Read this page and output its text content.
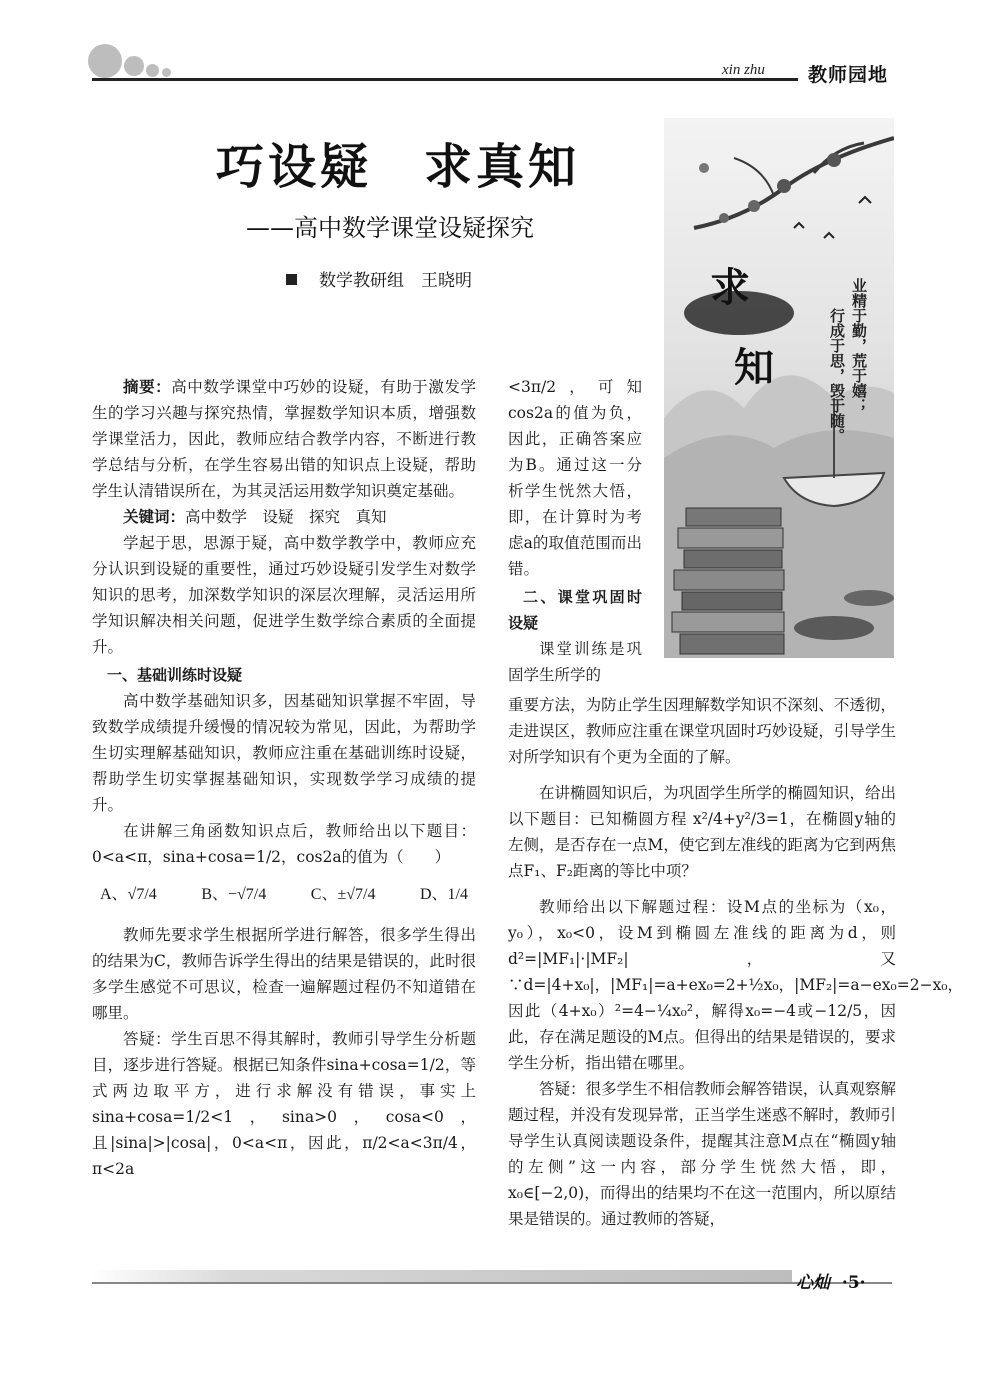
xin zhu 教师园地
巧设疑　求真知
——高中数学课堂设疑探究
数学教研组　王晓明	求
知	业精于勤，荒于嬉；
行成于思，毁于随。

摘要：高中数学课堂中巧妙的设疑，有助于激发学生的学习兴趣与探究热情，掌握数学知识本质，增强数学课堂活力，因此，教师应结合教学内容，不断进行教学总结与分析，在学生容易出错的知识点上设疑，帮助学生认清错误所在，为其灵活运用数学知识奠定基础。

关键词：高中数学　设疑　探究　真知

学起于思，思源于疑，高中数学教学中，教师应充分认识到设疑的重要性，通过巧妙设疑引发学生对数学知识的思考，加深数学知识的深层次理解，灵活运用所学知识解决相关问题，促进学生数学综合素质的全面提升。

一、基础训练时设疑

高中数学基础知识多，因基础知识掌握不牢固，导致数学成绩提升缓慢的情况较为常见，因此，为帮助学生切实理解基础知识，教师应注重在基础训练时设疑，帮助学生切实掌握基础知识，实现数学学习成绩的提升。

在讲解三角函数知识点后，教师给出以下题目：0<a<π，sina+cosa=1/2，cos2a的值为（　　）

A、√7/4	B、−√7/4	C、±√7/4	D、1/4

教师先要求学生根据所学进行解答，很多学生得出的结果为C，教师告诉学生得出的结果是错误的，此时很多学生感觉不可思议，检查一遍解题过程仍不知道错在哪里。

答疑：学生百思不得其解时，教师引导学生分析题目，逐步进行答疑。根据已知条件sina+cosa=1/2，等式两边取平方，进行求解没有错误，事实上sina+cosa=1/2<1，sina>0，cosa<0，且|sina|>|cosa|，0<a<π，因此，π/2<a<3π/4，π<2a

<3π/2，可知cos2a的值为负，因此，正确答案应为B。通过这一分析学生恍然大悟，即，在计算时为考虑a的取值范围而出错。

二、课堂巩固时设疑

课堂训练是巩固学生所学的

重要方法，为防止学生因理解数学知识不深刻、不透彻，走进误区，教师应注重在课堂巩固时巧妙设疑，引导学生对所学知识有个更为全面的了解。

在讲椭圆知识后，为巩固学生所学的椭圆知识，给出以下题目：已知椭圆方程 x²/4+y²/3=1，在椭圆y轴的左侧，是否存在一点M，使它到左准线的距离为它到两焦点F₁、F₂距离的等比中项？

教师给出以下解题过程：设M点的坐标为（x₀，y₀），x₀<0，设M到椭圆左准线的距离为d，则d²=|MF₁|·|MF₂|，又∵d=|4+x₀|，|MF₁|=a+ex₀=2+½x₀，|MF₂|=a−ex₀=2−x₀，因此（4+x₀）²=4−¼x₀²，解得x₀=−4或−12/5，因此，存在满足题设的M点。但得出的结果是错误的，要求学生分析，指出错在哪里。

答疑：很多学生不相信教师会解答错误，认真观察解题过程，并没有发现异常，正当学生迷惑不解时，教师引导学生认真阅读题设条件，提醒其注意M点在“椭圆y轴的左侧”这一内容，部分学生恍然大悟，即，x₀∈[−2,0)，而得出的结果均不在这一范围内，所以原结果是错误的。通过教师的答疑，

心灿 ·5·
